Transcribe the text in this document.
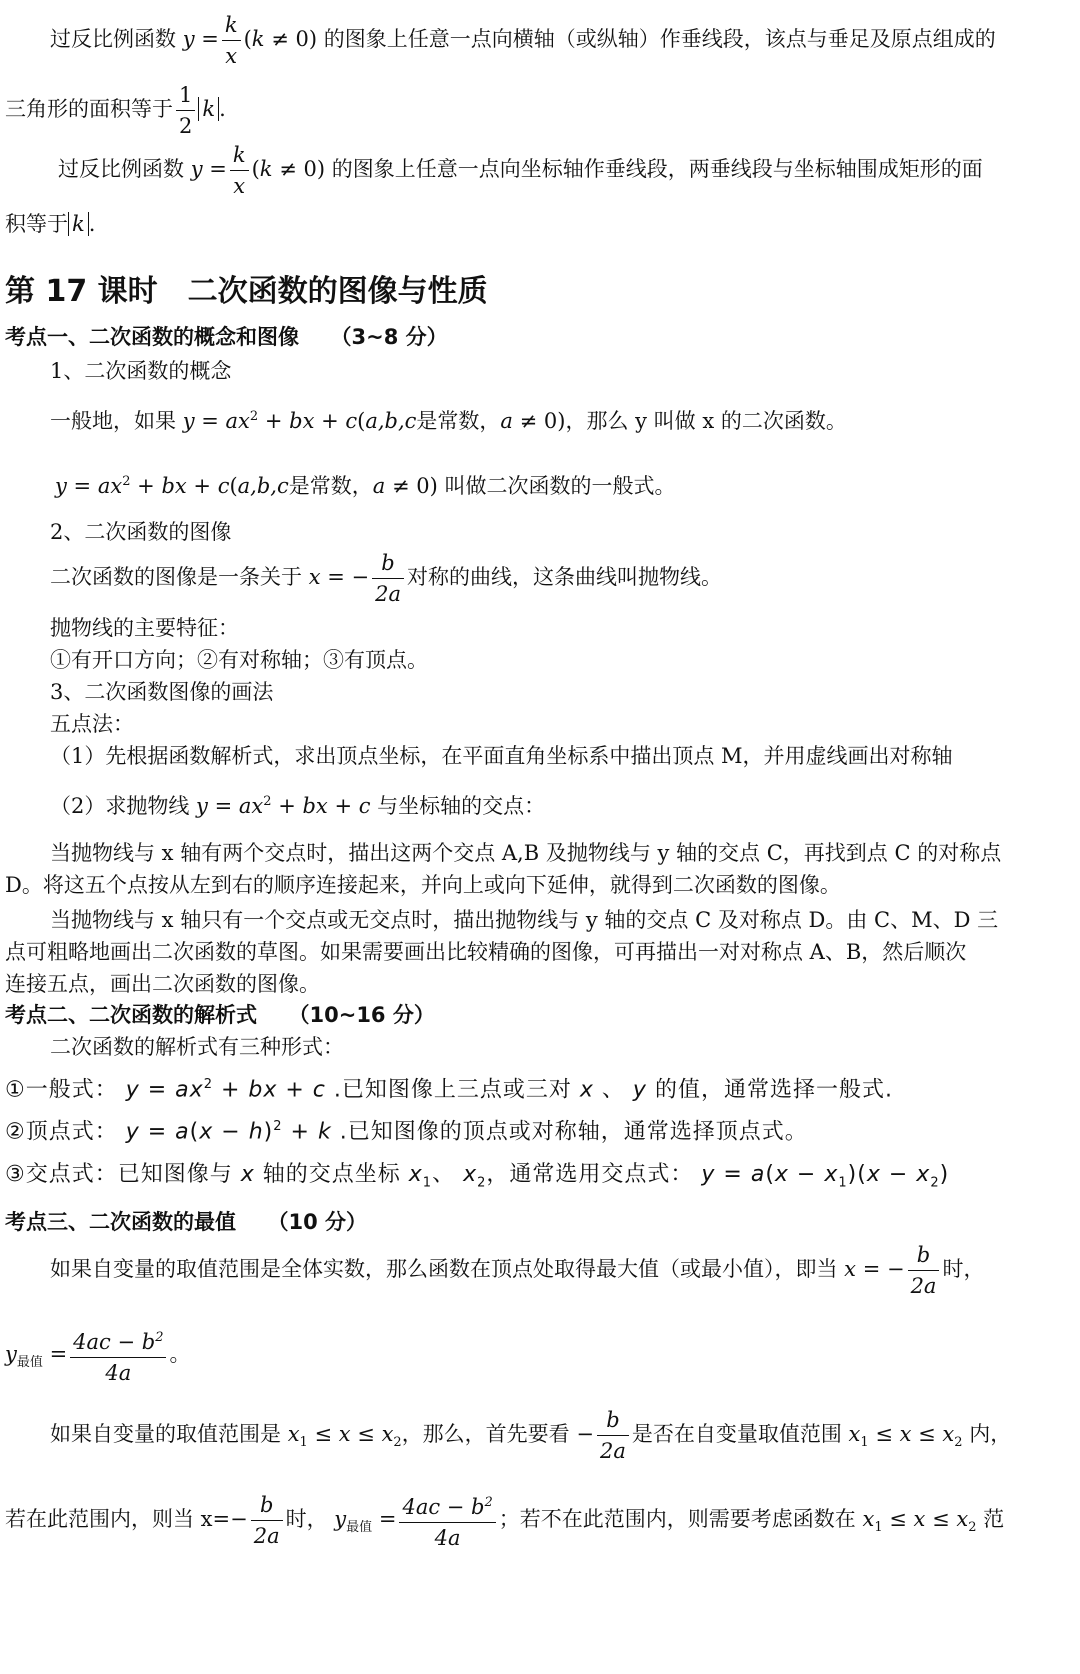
过反比例函数 $y = \frac{k}{x} (k \ne 0)$ 的图象上任意一点向横轴（或纵轴）作垂线段，该点与垂足及原点组成的
三角形的面积等于 $\frac{1}{2}$ k .
过反比例函数 $y = \frac{k}{x} (k \ne 0)$ 的图象上任意一点向坐标轴作垂线段，两垂线段与坐标轴围成矩形的面
积等于 k .
第 17 课时　二次函数的图像与性质
考点一、二次函数的概念和图像　　（3~8 分）
1、二次函数的概念
一般地，如果 $y = ax^2$ + bx + c(a,b,c是常数，a ≠ 0)，那么 y 叫做 x 的二次函数。
$y = ax^2$ + bx + c(a,b,c是常数，a ≠ 0) 叫做二次函数的一般式。
2、二次函数的图像
二次函数的图像是一条关于 x = − $\frac{b}{2a}$ 对称的曲线，这条曲线叫抛物线。
抛物线的主要特征：
①有开口方向；②有对称轴；③有顶点。
3、二次函数图像的画法
五点法：
（1）先根据函数解析式，求出顶点坐标，在平面直角坐标系中描出顶点 M，并用虚线画出对称轴
（2）求抛物线 $y = ax^2$ + bx + c 与坐标轴的交点：
当抛物线与 x 轴有两个交点时，描出这两个交点 A,B 及抛物线与 y 轴的交点 C，再找到点 C 的对称点
D。将这五个点按从左到右的顺序连接起来，并向上或向下延伸，就得到二次函数的图像。
当抛物线与 x 轴只有一个交点或无交点时，描出抛物线与 y 轴的交点 C 及对称点 D。由 C、M、D 三
点可粗略地画出二次函数的草图。如果需要画出比较精确的图像，可再描出一对对称点 A、B，然后顺次
连接五点，画出二次函数的图像。
考点二、二次函数的解析式　　（10~16 分）
二次函数的解析式有三种形式：
①一般式： $y = ax^2$ + bx + c .已知图像上三点或三对 x 、 y 的值，通常选择一般式.
②顶点式： $y = a(x - h)^2 + k$ .已知图像的顶点或对称轴，通常选择顶点式。
③交点式：已知图像与 x 轴的交点坐标 $x_1$、 $x_2$，通常选用交点式： $y = a(x - x_1)(x - x_2)$
考点三、二次函数的最值　　（10 分）
如果自变量的取值范围是全体实数，那么函数在顶点处取得最大值（或最小值），即当 x = − $\frac{b}{2a}$ 时，
$y_{最值} = \frac{4ac - b^2}{4a}$ 。
如果自变量的取值范围是 $x_1 \le x \le x_2$，那么，首先要看 − $\frac{b}{2a}$ 是否在自变量取值范围 $x_1 \le x \le x_2$ 内，
若在此范围内，则当 $x=- \frac{b}{2a}$ 时， $y_{最值} = \frac{4ac - b^2}{4a}$ ；若不在此范围内，则需要考虑函数在 $x_1 \le x \le x_2$ 范
